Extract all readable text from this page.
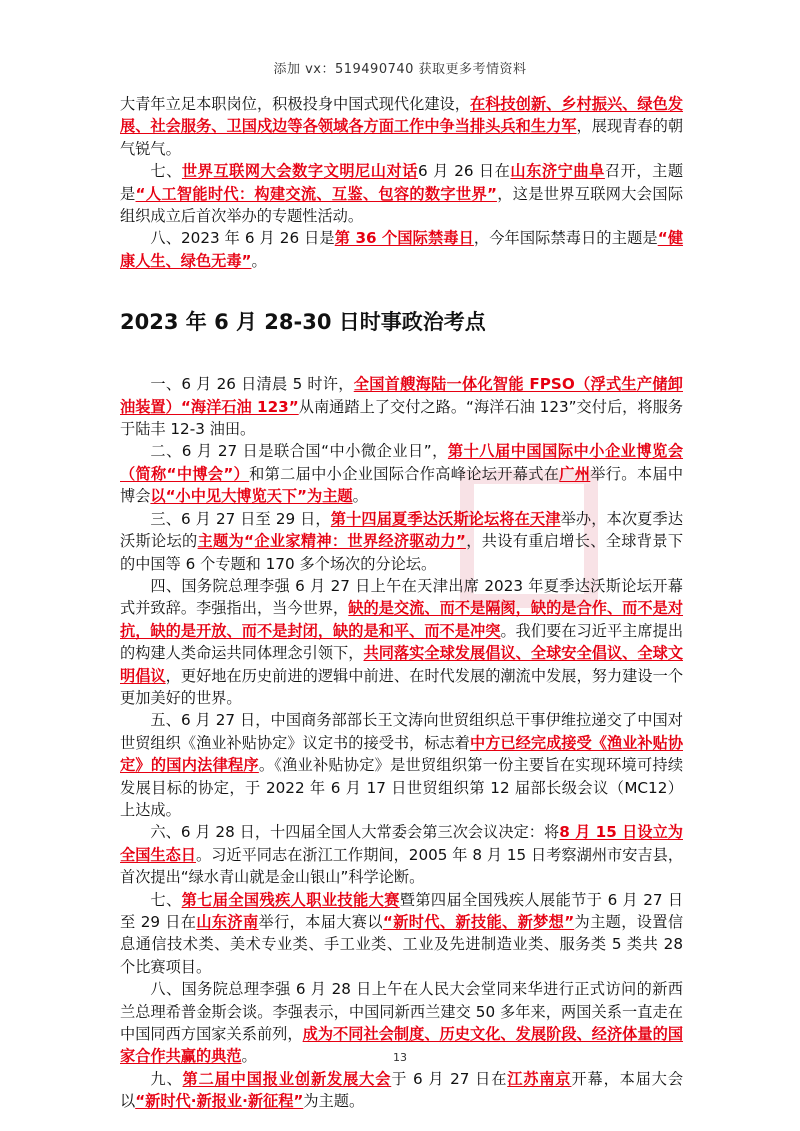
添加 vx：519490740 获取更多考情资料

大青年立足本职岗位，积极投身中国式现代化建设，在科技创新、乡村振兴、绿色发展、社会服务、卫国戍边等各领域各方面工作中争当排头兵和生力军，展现青春的朝气锐气。

七、世界互联网大会数字文明尼山对话6 月 26 日在山东济宁曲阜召开，主题是“人工智能时代：构建交流、互鉴、包容的数字世界”，这是世界互联网大会国际组织成立后首次举办的专题性活动。

八、2023 年 6 月 26 日是第 36 个国际禁毒日，今年国际禁毒日的主题是“健康人生、绿色无毒”。

2023 年 6 月 28-30 日时事政治考点

一、6 月 26 日清晨 5 时许，全国首艘海陆一体化智能 FPSO（浮式生产储卸油装置）“海洋石油 123”从南通踏上了交付之路。“海洋石油 123”交付后，将服务于陆丰 12-3 油田。

二、6 月 27 日是联合国“中小微企业日”，第十八届中国国际中小企业博览会（简称“中博会”）和第二届中小企业国际合作高峰论坛开幕式在广州举行。本届中博会以“小中见大博览天下”为主题。

三、6 月 27 日至 29 日，第十四届夏季达沃斯论坛将在天津举办，本次夏季达沃斯论坛的主题为“企业家精神：世界经济驱动力”，共设有重启增长、全球背景下的中国等 6 个专题和 170 多个场次的分论坛。

四、国务院总理李强 6 月 27 日上午在天津出席 2023 年夏季达沃斯论坛开幕式并致辞。李强指出，当今世界，缺的是交流、而不是隔阂，缺的是合作、而不是对抗，缺的是开放、而不是封闭，缺的是和平、而不是冲突。我们要在习近平主席提出的构建人类命运共同体理念引领下，共同落实全球发展倡议、全球安全倡议、全球文明倡议，更好地在历史前进的逻辑中前进、在时代发展的潮流中发展，努力建设一个更加美好的世界。

五、6 月 27 日，中国商务部部长王文涛向世贸组织总干事伊维拉递交了中国对世贸组织《渔业补贴协定》议定书的接受书，标志着中方已经完成接受《渔业补贴协定》的国内法律程序。《渔业补贴协定》是世贸组织第一份主要旨在实现环境可持续发展目标的协定，于 2022 年 6 月 17 日世贸组织第 12 届部长级会议（MC12）上达成。

六、6 月 28 日，十四届全国人大常委会第三次会议决定：将8 月 15 日设立为全国生态日。习近平同志在浙江工作期间，2005 年 8 月 15 日考察湖州市安吉县，首次提出“绿水青山就是金山银山”科学论断。

七、第七届全国残疾人职业技能大赛暨第四届全国残疾人展能节于 6 月 27 日至 29 日在山东济南举行，本届大赛以“新时代、新技能、新梦想”为主题，设置信息通信技术类、美术专业类、手工业类、工业及先进制造业类、服务类 5 类共 28 个比赛项目。

八、国务院总理李强 6 月 28 日上午在人民大会堂同来华进行正式访问的新西兰总理希普金斯会谈。李强表示，中国同新西兰建交 50 多年来，两国关系一直走在中国同西方国家关系前列，成为不同社会制度、历史文化、发展阶段、经济体量的国家合作共赢的典范。

九、第二届中国报业创新发展大会于 6 月 27 日在江苏南京开幕，本届大会以“新时代·新报业·新征程”为主题。

13
